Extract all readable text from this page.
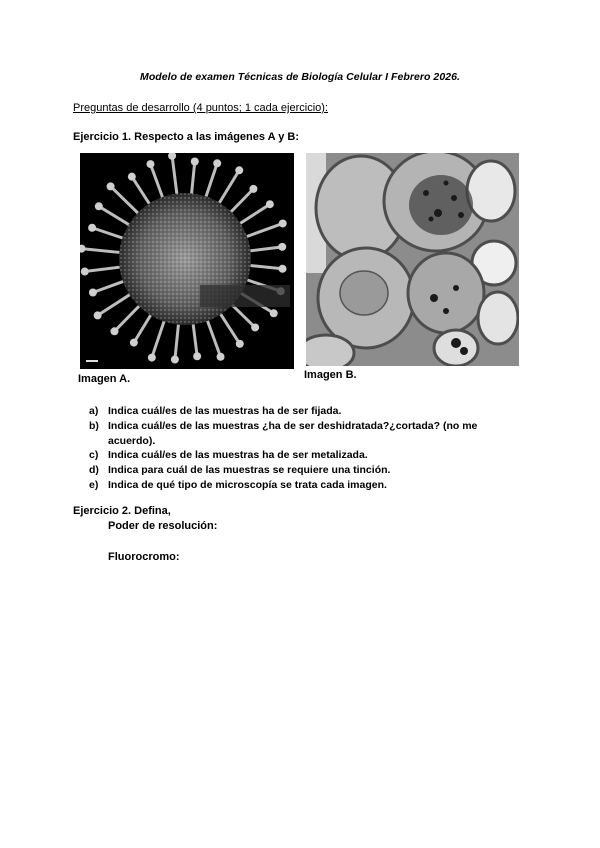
Modelo de examen Técnicas de Biología Celular I Febrero 2026.
Preguntas de desarrollo (4 puntos; 1 cada ejercicio):
Ejercicio 1. Respecto a las imágenes A y B:
Imagen A.	Imagen B.
a) Indica cuál/es de las muestras ha de ser fijada.
b) Indica cuál/es de las muestras ¿ha de ser deshidratada?¿cortada? (no me acuerdo).
c) Indica cuál/es de las muestras ha de ser metalizada.
d) Indica para cuál de las muestras se requiere una tinción.
e) Indica de qué tipo de microscopía se trata cada imagen.
Ejercicio 2. Defina,
Poder de resolución:
Fluorocromo:
